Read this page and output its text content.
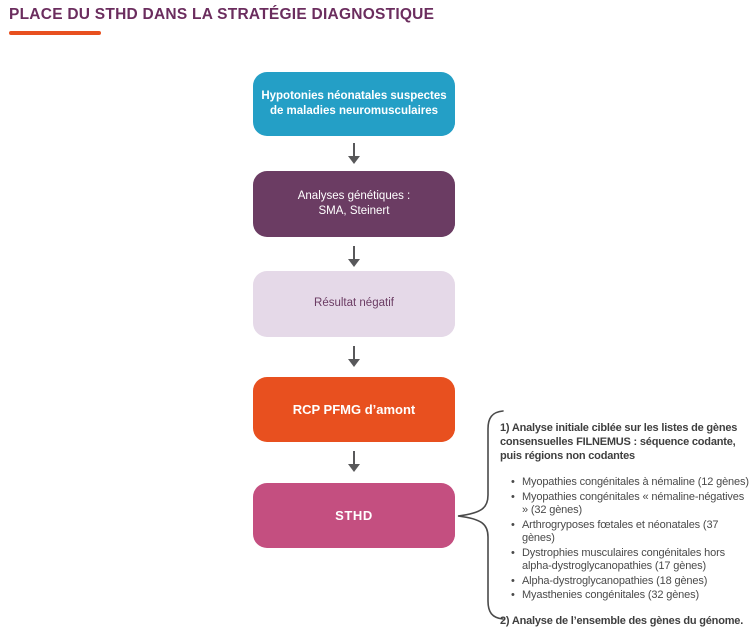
PLACE DU STHD DANS LA STRATÉGIE DIAGNOSTIQUE
Hypotonies néonatales suspectes
de maladies neuromusculaires
Analyses génétiques :
SMA, Steinert
Résultat négatif
RCP PFMG d’amont
STHD
1) Analyse initiale ciblée sur les listes de gènes consensuelles FILNEMUS : séquence codante, puis régions non codantes
• Myopathies congénitales à némaline (12 gènes)
• Myopathies congénitales « némaline-négatives » (32 gènes)
• Arthrogryposes fœtales et néonatales (37 gènes)
• Dystrophies musculaires congénitales hors alpha-dystroglycanopathies (17 gènes)
• Alpha-dystroglycanopathies (18 gènes)
• Myasthenies congénitales (32 gènes)
2) Analyse de l’ensemble des gènes du génome.
